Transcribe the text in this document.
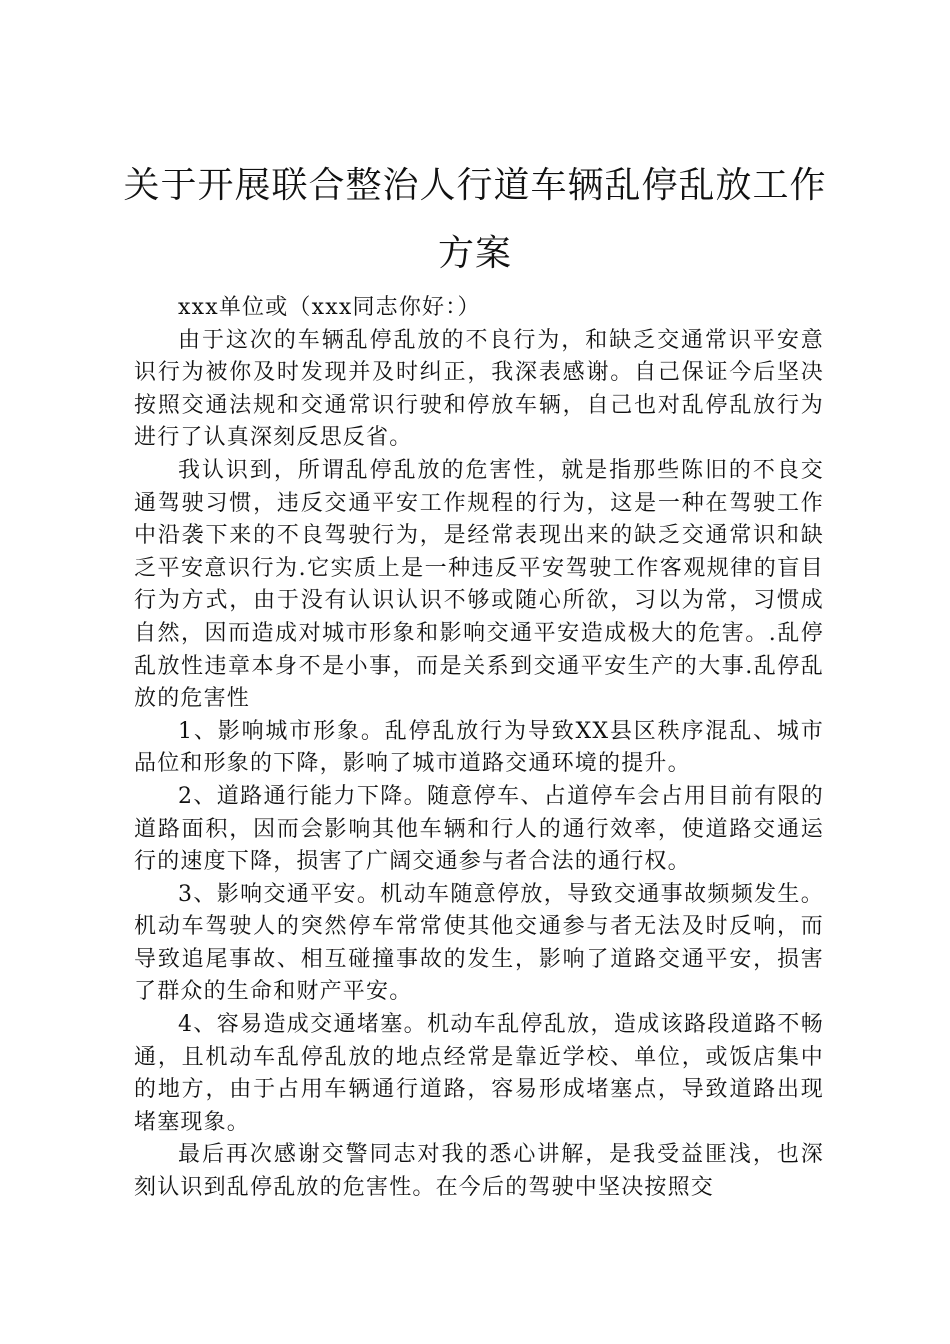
关于开展联合整治人行道车辆乱停乱放工作
方案

xxx单位或（xxx同志你好：）

由于这次的车辆乱停乱放的不良行为，和缺乏交通常识平安意识行为被你及时发现并及时纠正，我深表感谢。自己保证今后坚决按照交通法规和交通常识行驶和停放车辆，自己也对乱停乱放行为进行了认真深刻反思反省。

我认识到，所谓乱停乱放的危害性，就是指那些陈旧的不良交通驾驶习惯，违反交通平安工作规程的行为，这是一种在驾驶工作中沿袭下来的不良驾驶行为，是经常表现出来的缺乏交通常识和缺乏平安意识行为.它实质上是一种违反平安驾驶工作客观规律的盲目行为方式，由于没有认识认识不够或随心所欲，习以为常，习惯成自然，因而造成对城市形象和影响交通平安造成极大的危害。.乱停乱放性违章本身不是小事，而是关系到交通平安生产的大事.乱停乱放的危害性

1、影响城市形象。乱停乱放行为导致XX县区秩序混乱、城市品位和形象的下降，影响了城市道路交通环境的提升。

2、道路通行能力下降。随意停车、占道停车会占用目前有限的道路面积，因而会影响其他车辆和行人的通行效率，使道路交通运行的速度下降，损害了广阔交通参与者合法的通行权。

3、影响交通平安。机动车随意停放，导致交通事故频频发生。机动车驾驶人的突然停车常常使其他交通参与者无法及时反响，而导致追尾事故、相互碰撞事故的发生，影响了道路交通平安，损害了群众的生命和财产平安。

4、容易造成交通堵塞。机动车乱停乱放，造成该路段道路不畅通，且机动车乱停乱放的地点经常是靠近学校、单位，或饭店集中的地方，由于占用车辆通行道路，容易形成堵塞点，导致道路出现堵塞现象。

最后再次感谢交警同志对我的悉心讲解，是我受益匪浅，也深刻认识到乱停乱放的危害性。在今后的驾驶中坚决按照交
